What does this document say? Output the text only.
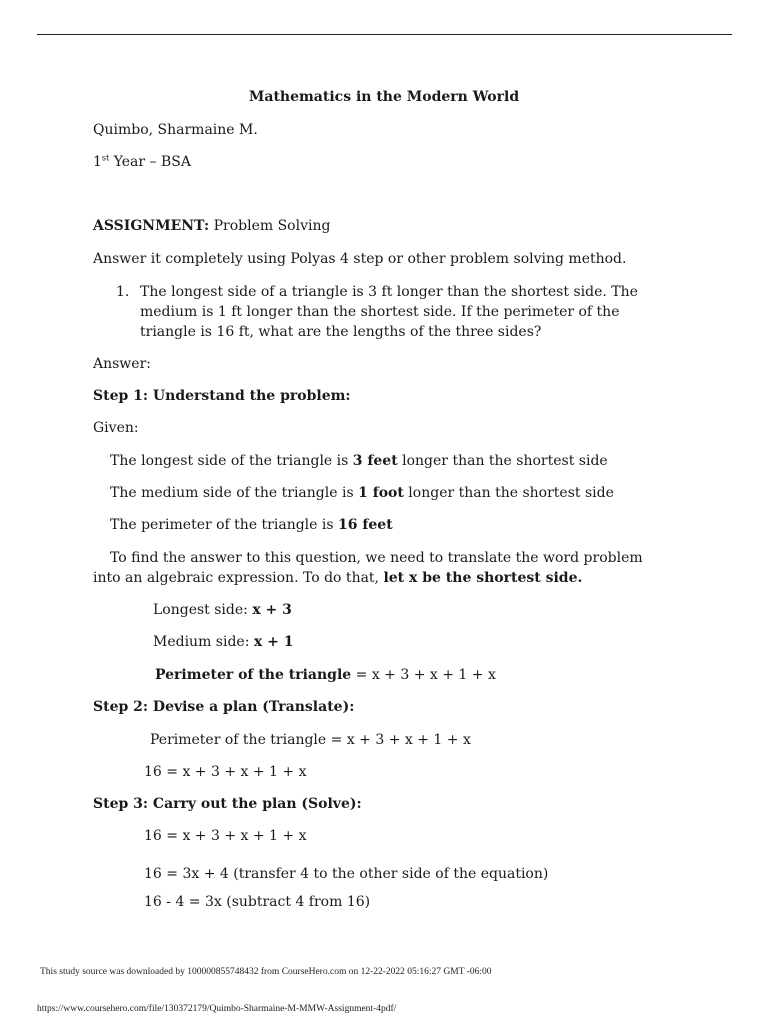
Mathematics in the Modern World
Quimbo, Sharmaine M.
1st Year – BSA
ASSIGNMENT: Problem Solving
Answer it completely using Polyas 4 step or other problem solving method.
1. The longest side of a triangle is 3 ft longer than the shortest side. The
medium is 1 ft longer than the shortest side. If the perimeter of the
triangle is 16 ft, what are the lengths of the three sides?
Answer:
Step 1: Understand the problem:
Given:
The longest side of the triangle is 3 feet longer than the shortest side
The medium side of the triangle is 1 foot longer than the shortest side
The perimeter of the triangle is 16 feet
To find the answer to this question, we need to translate the word problem
into an algebraic expression. To do that, let x be the shortest side.
Longest side: x + 3
Medium side: x + 1
Perimeter of the triangle = x + 3 + x + 1 + x
Step 2: Devise a plan (Translate):
Perimeter of the triangle = x + 3 + x + 1 + x
16 = x + 3 + x + 1 + x
Step 3: Carry out the plan (Solve):
16 = x + 3 + x + 1 + x
16 = 3x + 4 (transfer 4 to the other side of the equation)
16 - 4 = 3x (subtract 4 from 16)
This study source was downloaded by 100000855748432 from CourseHero.com on 12-22-2022 05:16:27 GMT -06:00
https://www.coursehero.com/file/130372179/Quimbo-Sharmaine-M-MMW-Assignment-4pdf/
